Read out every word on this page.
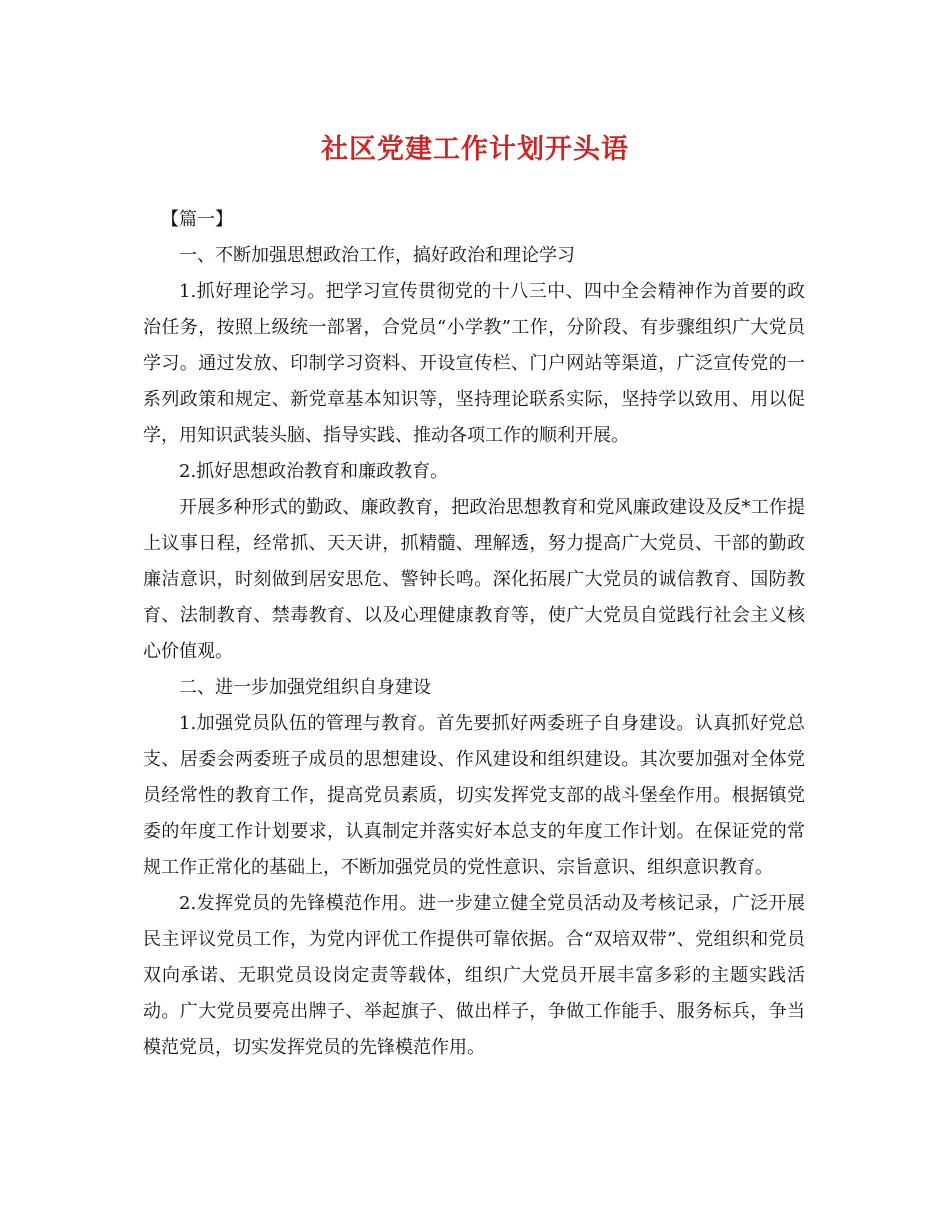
社区党建工作计划开头语

【篇一】

一、不断加强思想政治工作，搞好政治和理论学习

1.抓好理论学习。把学习宣传贯彻党的十八三中、四中全会精神作为首要的政治任务，按照上级统一部署，合党员“小学教”工作，分阶段、有步骤组织广大党员学习。通过发放、印制学习资料、开设宣传栏、门户网站等渠道，广泛宣传党的一系列政策和规定、新党章基本知识等，坚持理论联系实际，坚持学以致用、用以促学，用知识武装头脑、指导实践、推动各项工作的顺利开展。

2.抓好思想政治教育和廉政教育。

开展多种形式的勤政、廉政教育，把政治思想教育和党风廉政建设及反*工作提上议事日程，经常抓、天天讲，抓精髓、理解透，努力提高广大党员、干部的勤政廉洁意识，时刻做到居安思危、警钟长鸣。深化拓展广大党员的诚信教育、国防教育、法制教育、禁毒教育、以及心理健康教育等，使广大党员自觉践行社会主义核心价值观。

二、进一步加强党组织自身建设

1.加强党员队伍的管理与教育。首先要抓好两委班子自身建设。认真抓好党总支、居委会两委班子成员的思想建设、作风建设和组织建设。其次要加强对全体党员经常性的教育工作，提高党员素质，切实发挥党支部的战斗堡垒作用。根据镇党委的年度工作计划要求，认真制定并落实好本总支的年度工作计划。在保证党的常规工作正常化的基础上，不断加强党员的党性意识、宗旨意识、组织意识教育。

2.发挥党员的先锋模范作用。进一步建立健全党员活动及考核记录，广泛开展民主评议党员工作，为党内评优工作提供可靠依据。合“双培双带”、党组织和党员双向承诺、无职党员设岗定责等载体，组织广大党员开展丰富多彩的主题实践活动。广大党员要亮出牌子、举起旗子、做出样子，争做工作能手、服务标兵，争当模范党员，切实发挥党员的先锋模范作用。
